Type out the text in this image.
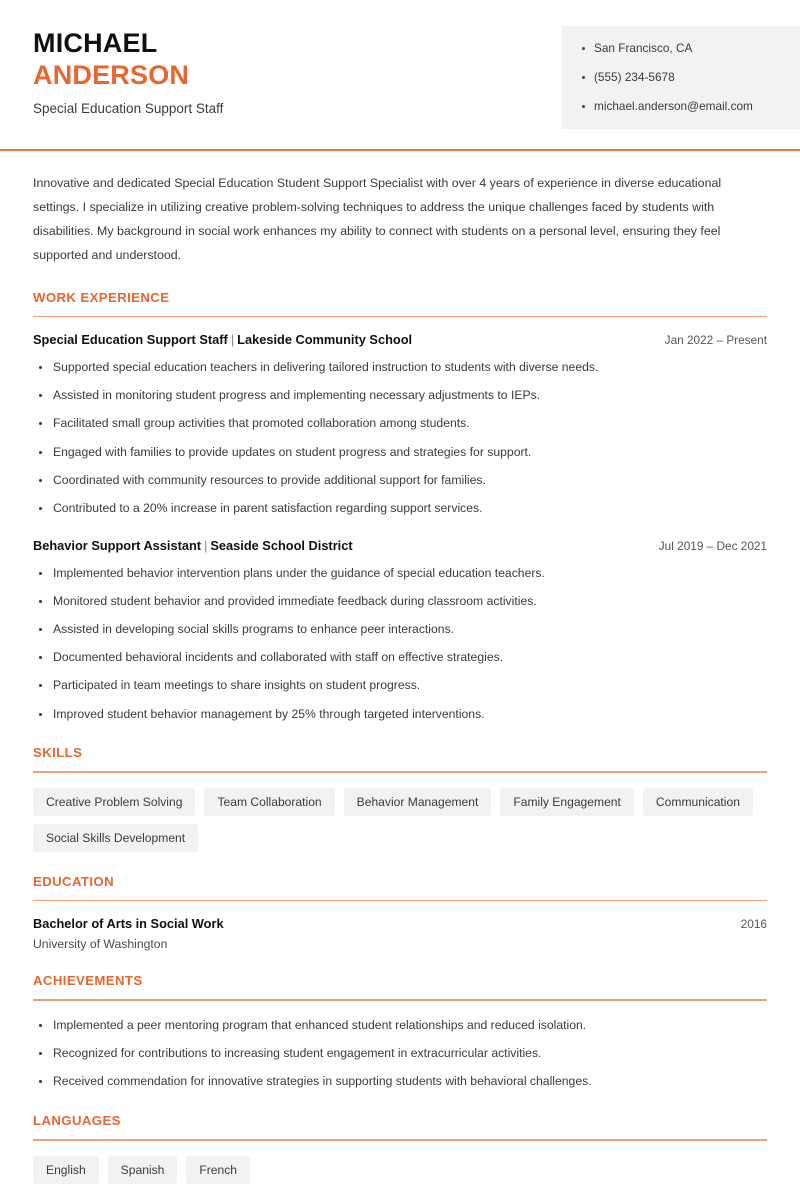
MICHAEL
ANDERSON
Special Education Support Staff
San Francisco, CA
(555) 234-5678
michael.anderson@email.com
Innovative and dedicated Special Education Student Support Specialist with over 4 years of experience in diverse educational settings. I specialize in utilizing creative problem-solving techniques to address the unique challenges faced by students with disabilities. My background in social work enhances my ability to connect with students on a personal level, ensuring they feel supported and understood.
WORK EXPERIENCE
Special Education Support Staff | Lakeside Community School	Jan 2022 – Present
Supported special education teachers in delivering tailored instruction to students with diverse needs.
Assisted in monitoring student progress and implementing necessary adjustments to IEPs.
Facilitated small group activities that promoted collaboration among students.
Engaged with families to provide updates on student progress and strategies for support.
Coordinated with community resources to provide additional support for families.
Contributed to a 20% increase in parent satisfaction regarding support services.
Behavior Support Assistant | Seaside School District	Jul 2019 – Dec 2021
Implemented behavior intervention plans under the guidance of special education teachers.
Monitored student behavior and provided immediate feedback during classroom activities.
Assisted in developing social skills programs to enhance peer interactions.
Documented behavioral incidents and collaborated with staff on effective strategies.
Participated in team meetings to share insights on student progress.
Improved student behavior management by 25% through targeted interventions.
SKILLS
Creative Problem Solving	Team Collaboration	Behavior Management	Family Engagement	Communication
Social Skills Development
EDUCATION
Bachelor of Arts in Social Work	2016
University of Washington
ACHIEVEMENTS
Implemented a peer mentoring program that enhanced student relationships and reduced isolation.
Recognized for contributions to increasing student engagement in extracurricular activities.
Received commendation for innovative strategies in supporting students with behavioral challenges.
LANGUAGES
English	Spanish	French
